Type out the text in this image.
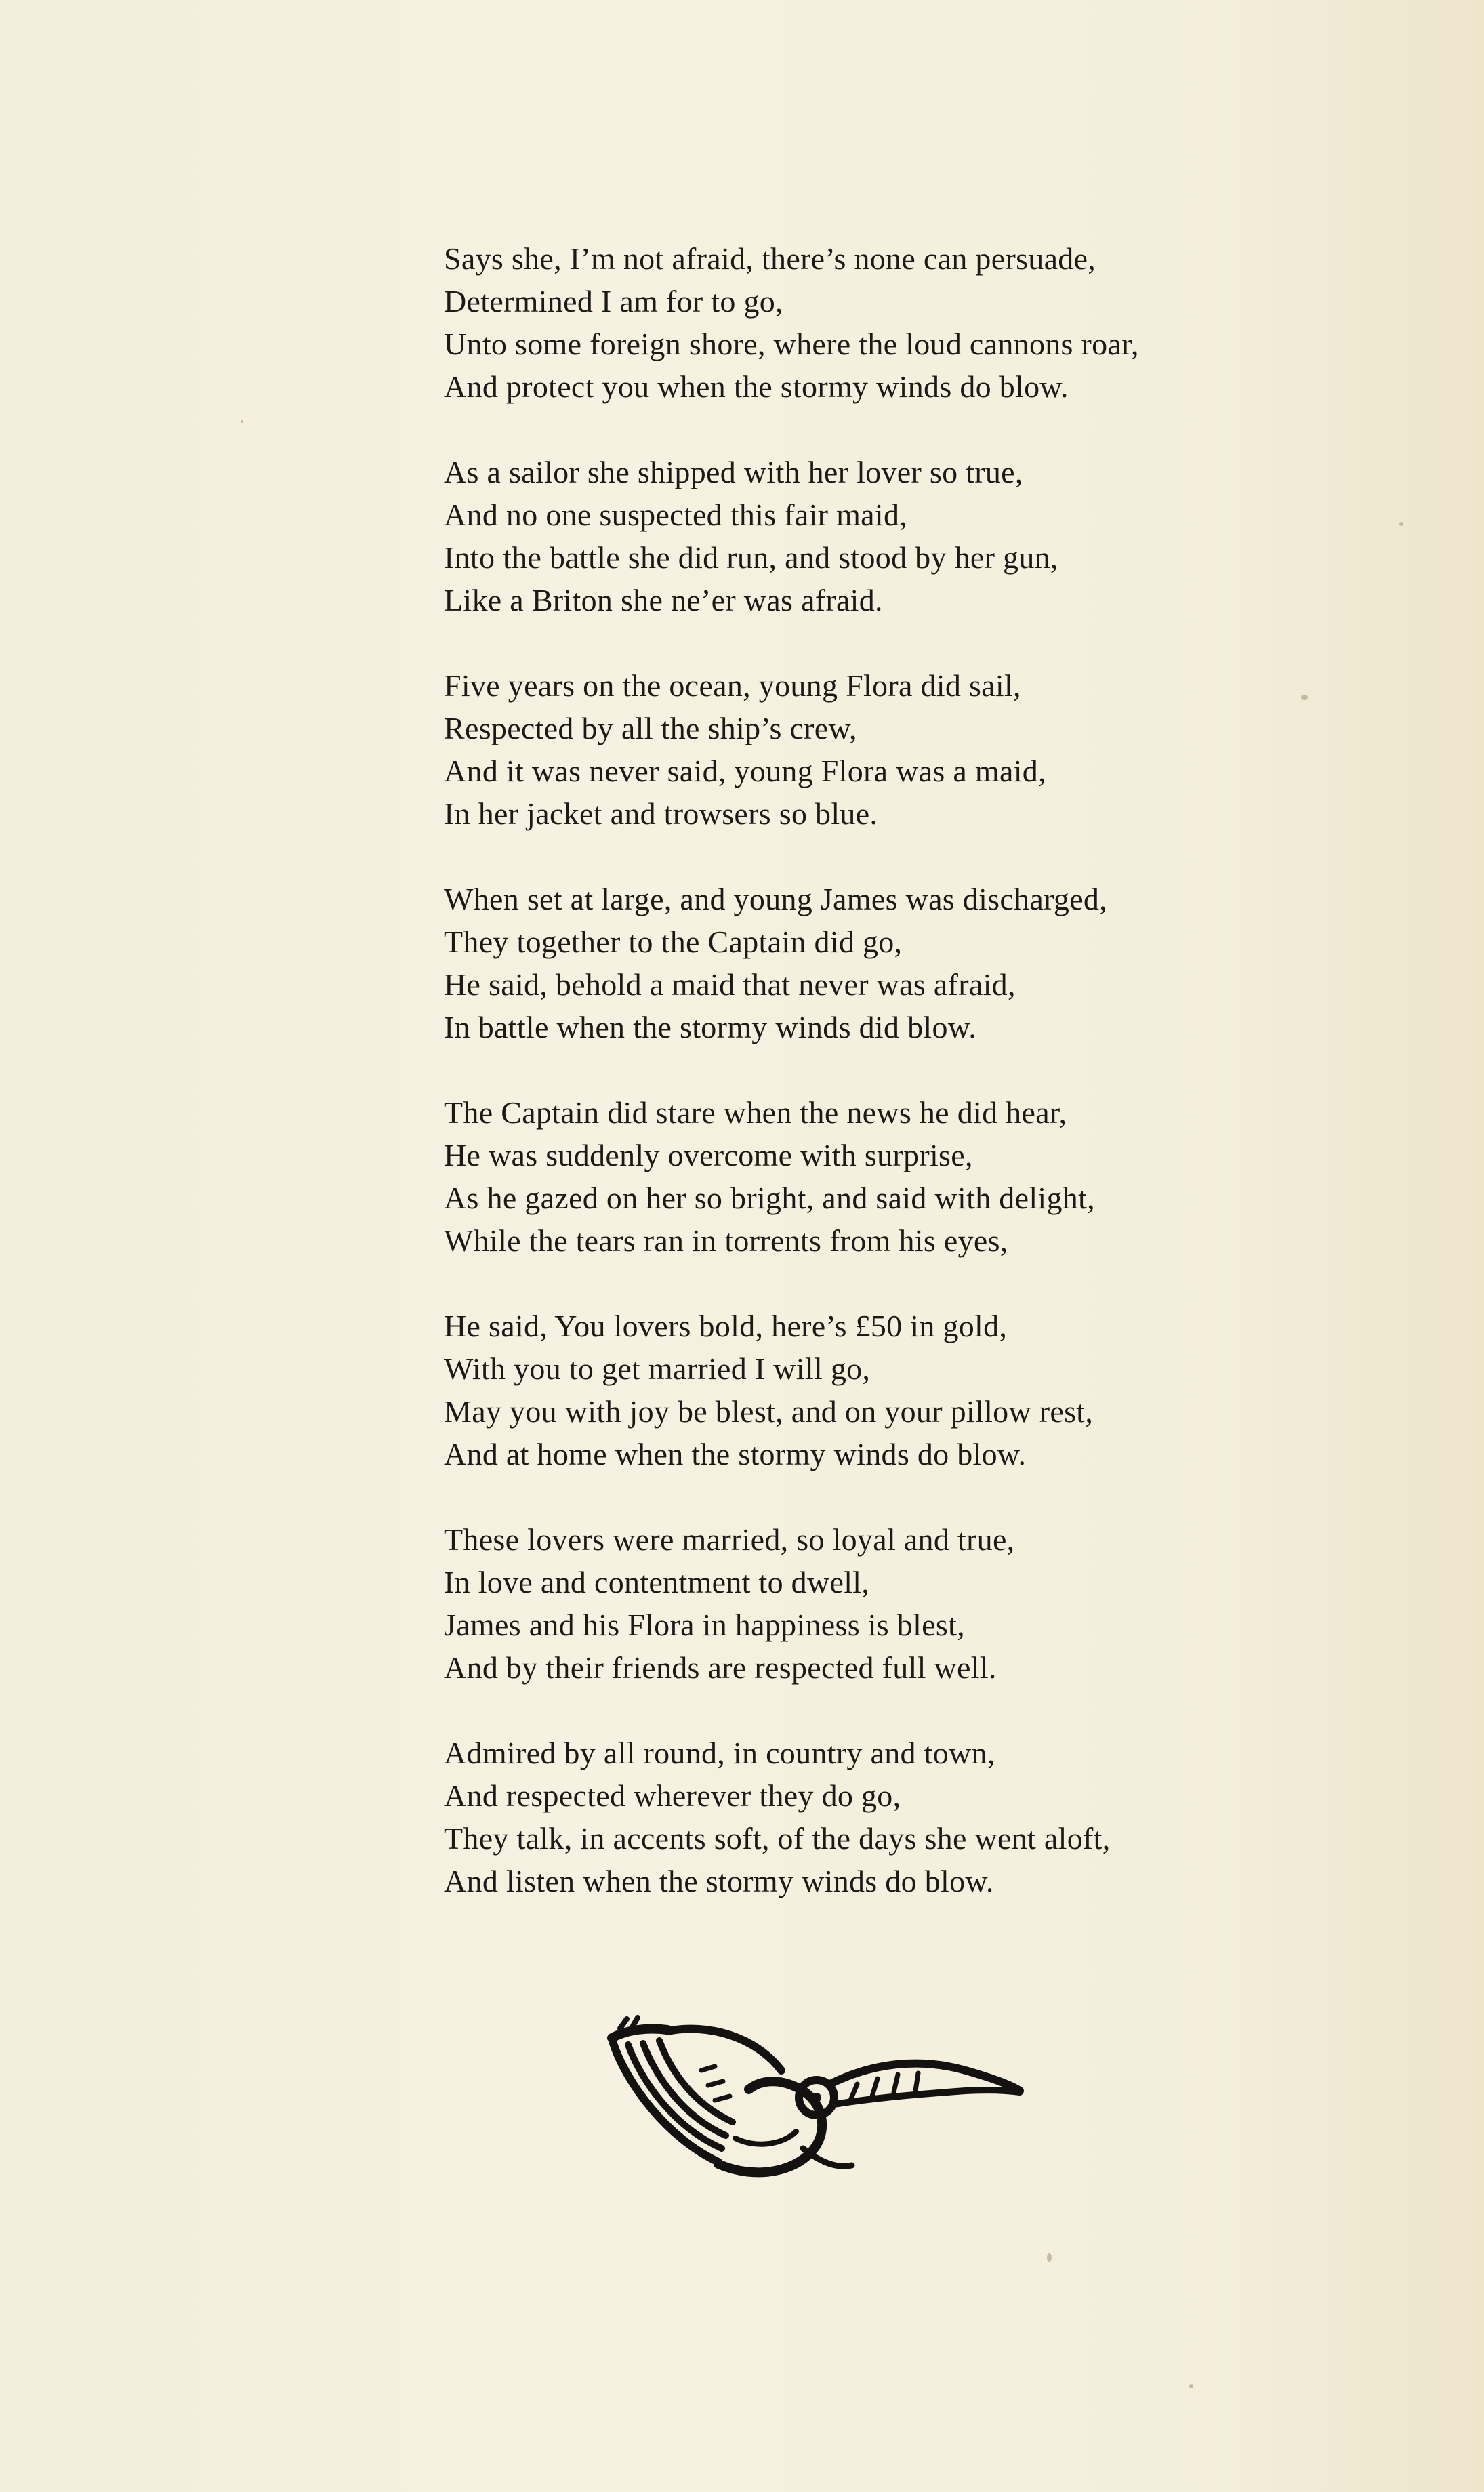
Says she, I’m not afraid, there’s none can persuade,
Determined I am for to go,
Unto some foreign shore, where the loud cannons roar,
And protect you when the stormy winds do blow.
As a sailor she shipped with her lover so true,
And no one suspected this fair maid,
Into the battle she did run, and stood by her gun,
Like a Briton she ne’er was afraid.
Five years on the ocean, young Flora did sail,
Respected by all the ship’s crew,
And it was never said, young Flora was a maid,
In her jacket and trowsers so blue.
When set at large, and young James was discharged,
They together to the Captain did go,
He said, behold a maid that never was afraid,
In battle when the stormy winds did blow.
The Captain did stare when the news he did hear,
He was suddenly overcome with surprise,
As he gazed on her so bright, and said with delight,
While the tears ran in torrents from his eyes,
He said, You lovers bold, here’s £50 in gold,
With you to get married I will go,
May you with joy be blest, and on your pillow rest,
And at home when the stormy winds do blow.
These lovers were married, so loyal and true,
In love and contentment to dwell,
James and his Flora in happiness is blest,
And by their friends are respected full well.
Admired by all round, in country and town,
And respected wherever they do go,
They talk, in accents soft, of the days she went aloft,
And listen when the stormy winds do blow.
